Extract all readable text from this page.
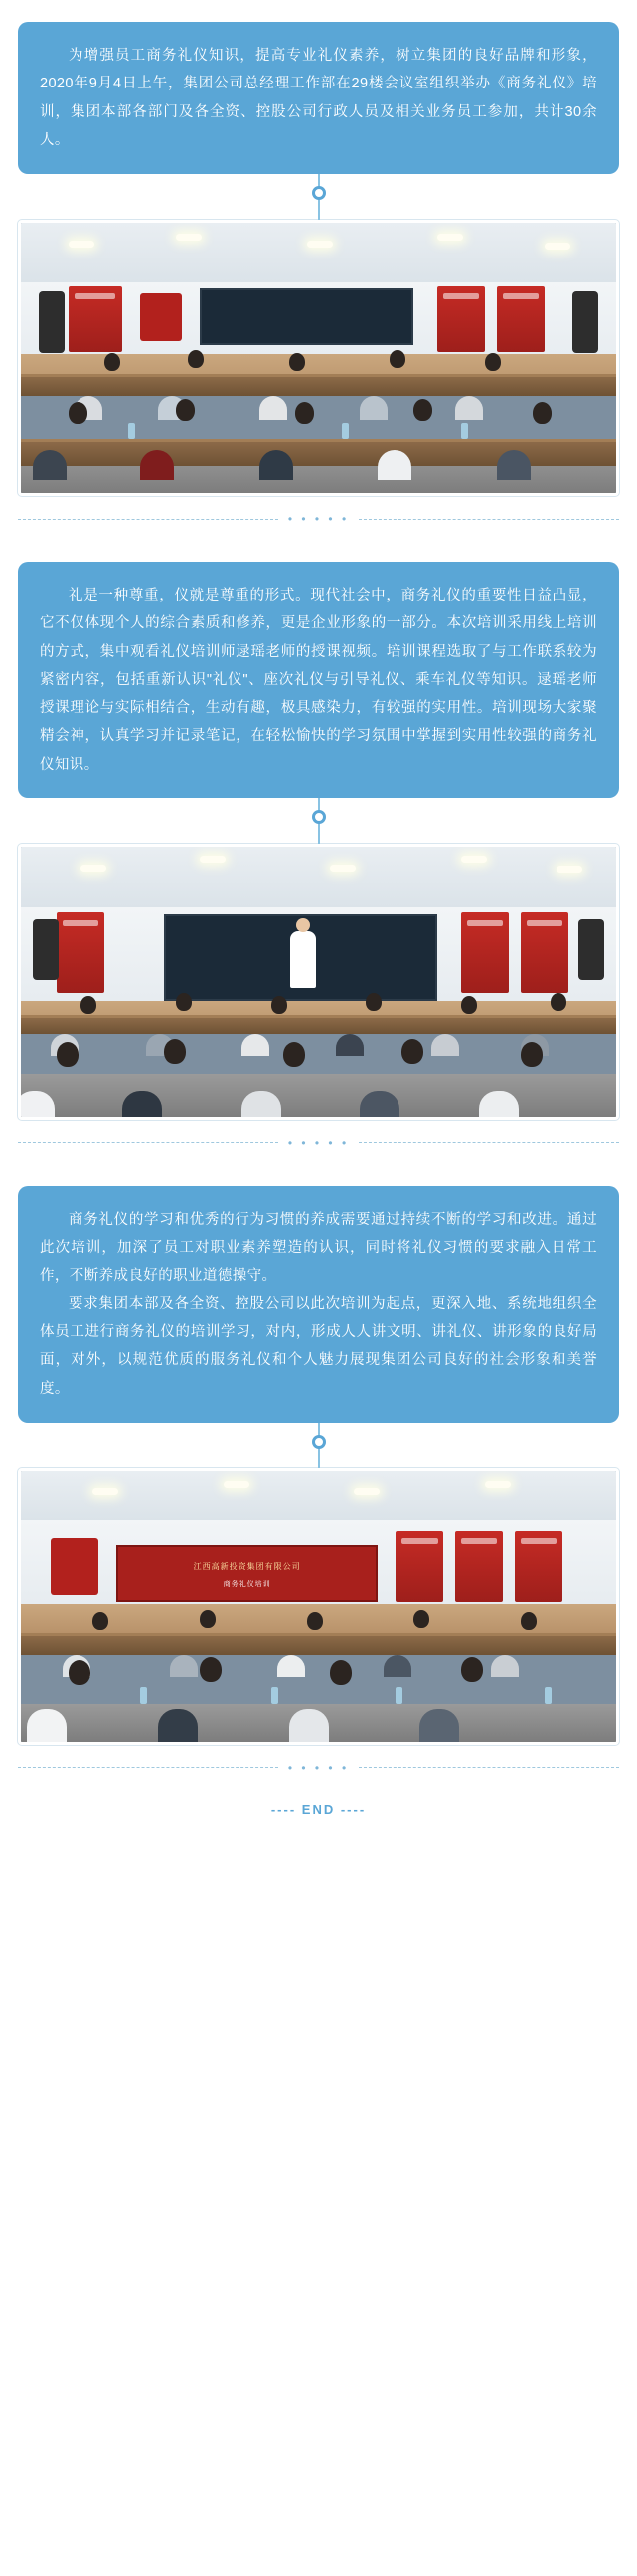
为增强员工商务礼仪知识，提高专业礼仪素养，树立集团的良好品牌和形象，2020年9月4日上午，集团公司总经理工作部在29楼会议室组织举办《商务礼仪》培训，集团本部各部门及各全资、控股公司行政人员及相关业务员工参加，共计30余人。

• • • • •

礼是一种尊重，仪就是尊重的形式。现代社会中，商务礼仪的重要性日益凸显，它不仅体现个人的综合素质和修养，更是企业形象的一部分。本次培训采用线上培训的方式，集中观看礼仪培训师逯瑶老师的授课视频。培训课程选取了与工作联系较为紧密内容，包括重新认识"礼仪"、座次礼仪与引导礼仪、乘车礼仪等知识。逯瑶老师授课理论与实际相结合，生动有趣，极具感染力，有较强的实用性。培训现场大家聚精会神，认真学习并记录笔记，在轻松愉快的学习氛围中掌握到实用性较强的商务礼仪知识。

• • • • •

商务礼仪的学习和优秀的行为习惯的养成需要通过持续不断的学习和改进。通过此次培训，加深了员工对职业素养塑造的认识，同时将礼仪习惯的要求融入日常工作，不断养成良好的职业道德操守。

要求集团本部及各全资、控股公司以此次培训为起点，更深入地、系统地组织全体员工进行商务礼仪的培训学习，对内，形成人人讲文明、讲礼仪、讲形象的良好局面，对外，以规范优质的服务礼仪和个人魅力展现集团公司良好的社会形象和美誉度。

江西高新投资集团有限公司
商务礼仪培训
• • • • •
---- END ----
